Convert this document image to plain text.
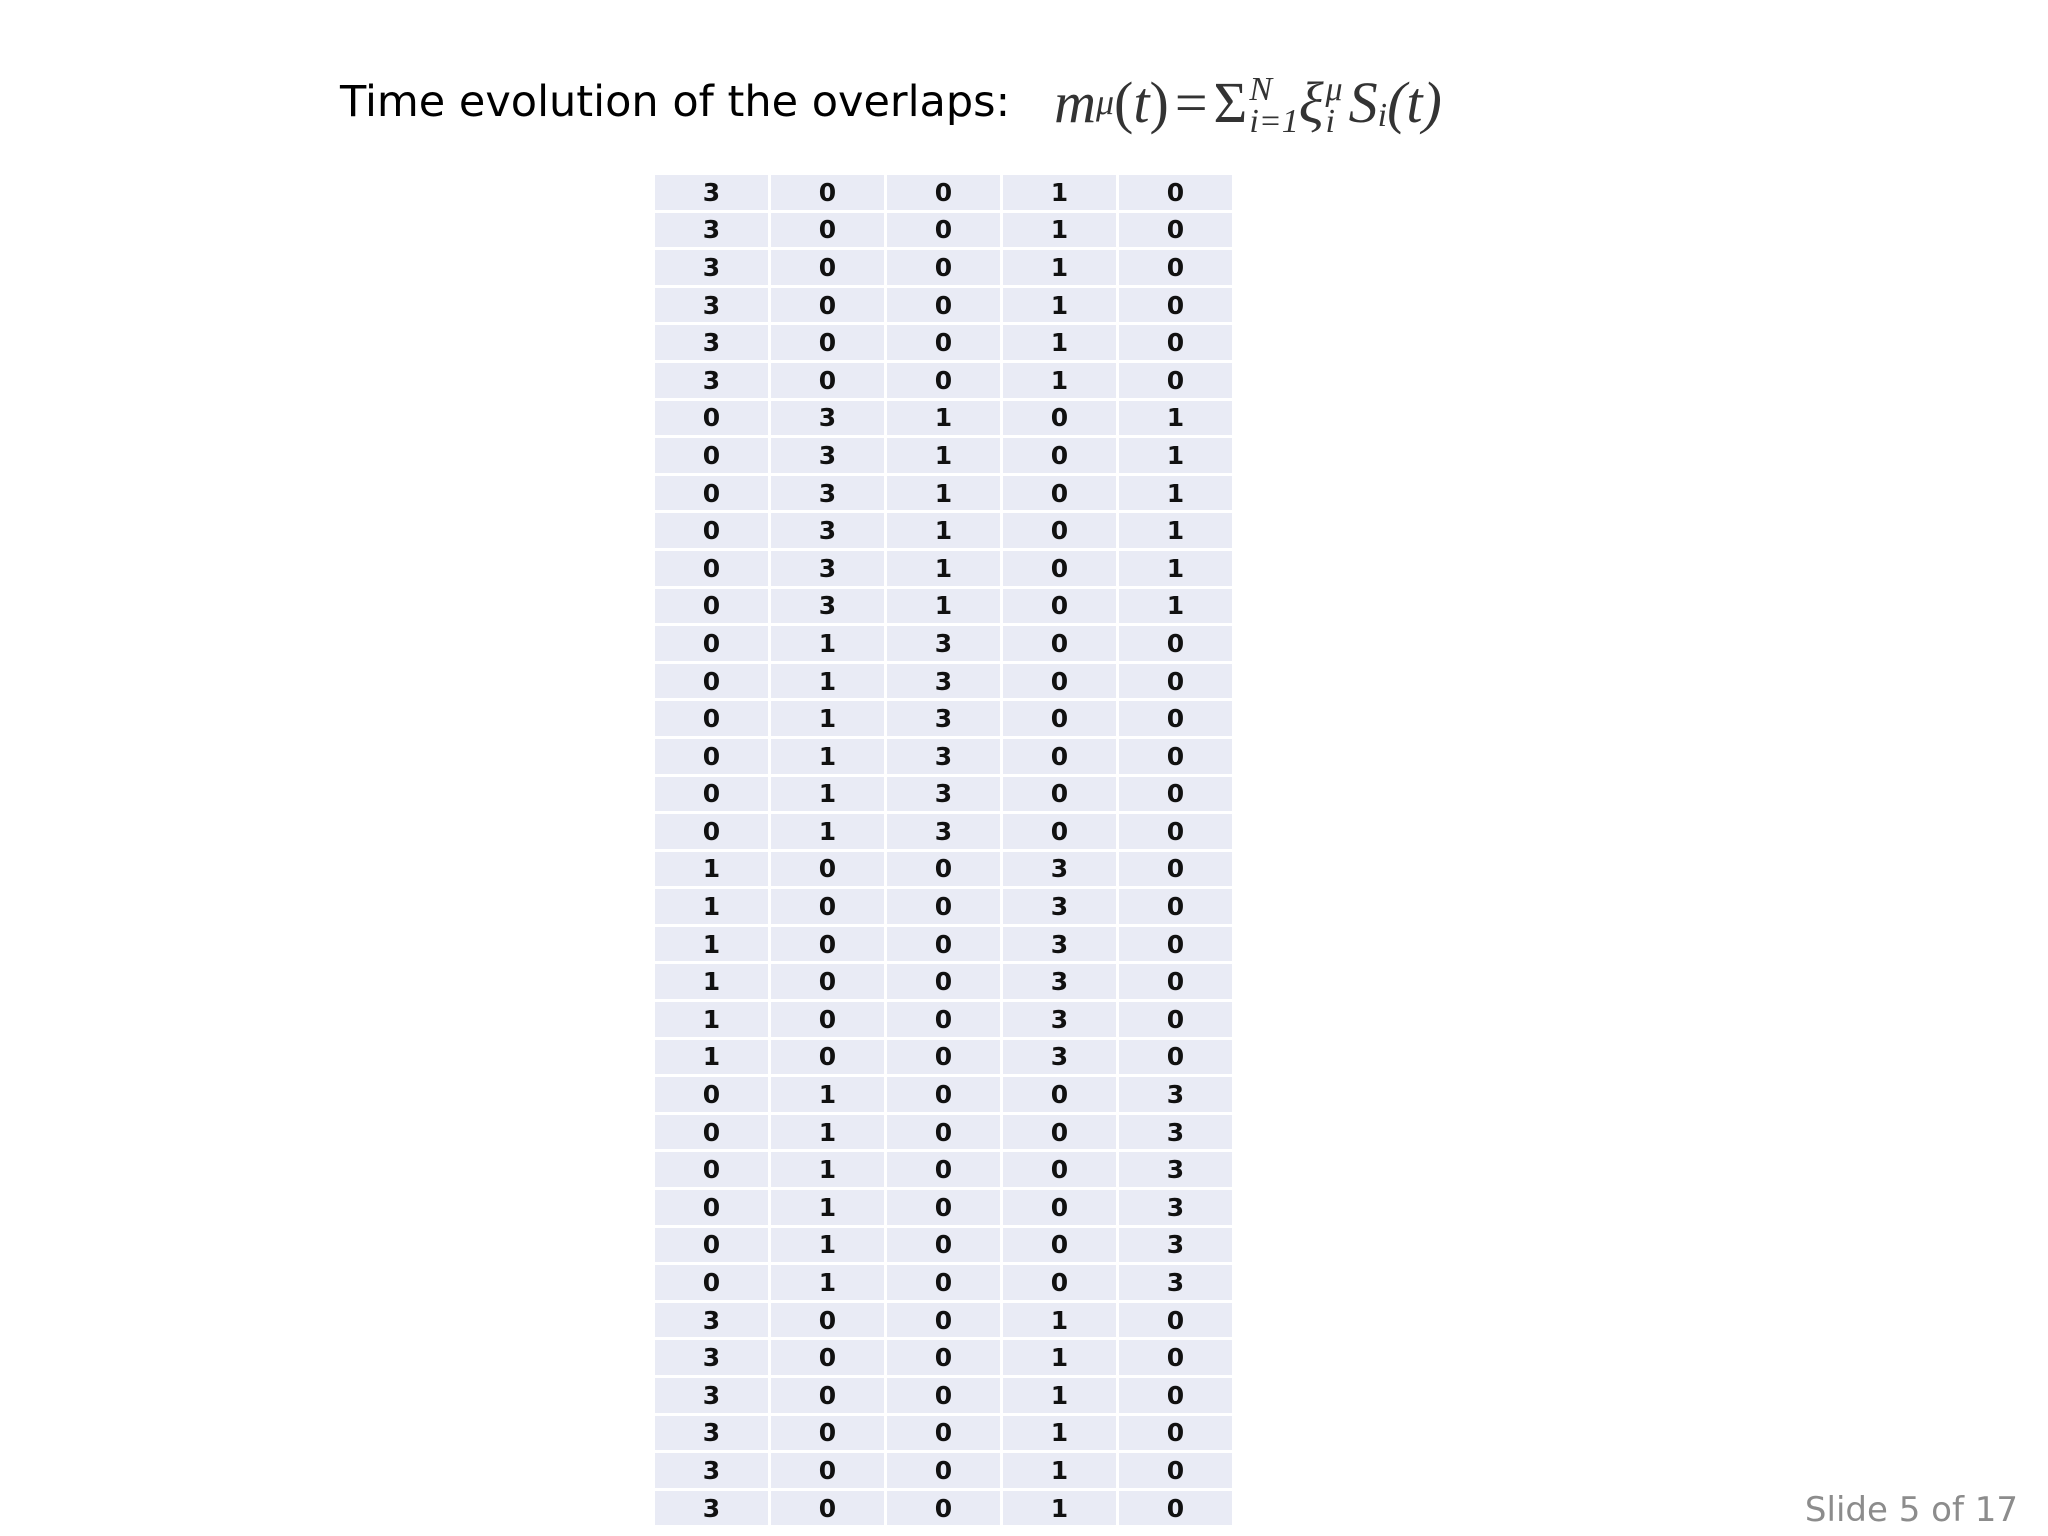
Time evolution of the overlaps: m μ ( t ) = Σ N
i=1 ξ μ
i S i (t)
3	0	0	1	0
3	0	0	1	0
3	0	0	1	0
3	0	0	1	0
3	0	0	1	0
3	0	0	1	0
0	3	1	0	1
0	3	1	0	1
0	3	1	0	1
0	3	1	0	1
0	3	1	0	1
0	3	1	0	1
0	1	3	0	0
0	1	3	0	0
0	1	3	0	0
0	1	3	0	0
0	1	3	0	0
0	1	3	0	0
1	0	0	3	0
1	0	0	3	0
1	0	0	3	0
1	0	0	3	0
1	0	0	3	0
1	0	0	3	0
0	1	0	0	3
0	1	0	0	3
0	1	0	0	3
0	1	0	0	3
0	1	0	0	3
0	1	0	0	3
3	0	0	1	0
3	0	0	1	0
3	0	0	1	0
3	0	0	1	0
3	0	0	1	0
3	0	0	1	0	Slide 5 of 17
